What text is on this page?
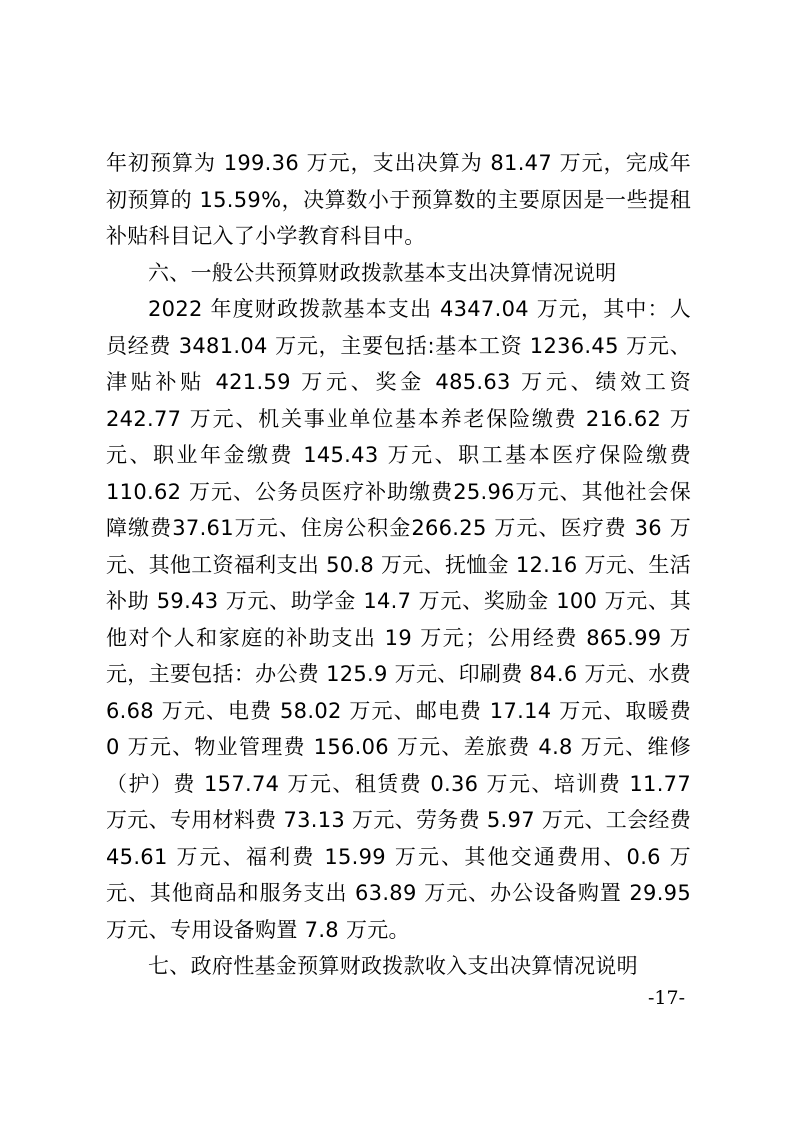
年初预算为 199.36 万元，支出决算为 81.47 万元，完成年初预算的 15.59%，决算数小于预算数的主要原因是一些提租补贴科目记入了小学教育科目中。

六、一般公共预算财政拨款基本支出决算情况说明

2022 年度财政拨款基本支出 4347.04 万元，其中：人员经费 3481.04 万元，主要包括:基本工资 1236.45 万元、津贴补贴 421.59 万元、奖金 485.63 万元、绩效工资 242.77 万元、机关事业单位基本养老保险缴费 216.62 万元、职业年金缴费 145.43 万元、职工基本医疗保险缴费 110.62 万元、公务员医疗补助缴费25.96万元、其他社会保障缴费37.61万元、住房公积金266.25 万元、医疗费 36 万元、其他工资福利支出 50.8 万元、抚恤金 12.16 万元、生活补助 59.43 万元、助学金 14.7 万元、奖励金 100 万元、其他对个人和家庭的补助支出 19 万元；公用经费 865.99 万元，主要包括：办公费 125.9 万元、印刷费 84.6 万元、水费 6.68 万元、电费 58.02 万元、邮电费 17.14 万元、取暖费 0 万元、物业管理费 156.06 万元、差旅费 4.8 万元、维修（护）费 157.74 万元、租赁费 0.36 万元、培训费 11.77 万元、专用材料费 73.13 万元、劳务费 5.97 万元、工会经费 45.61 万元、福利费 15.99 万元、其他交通费用、0.6 万元、其他商品和服务支出 63.89 万元、办公设备购置 29.95 万元、专用设备购置 7.8 万元。

七、政府性基金预算财政拨款收入支出决算情况说明

-17-
